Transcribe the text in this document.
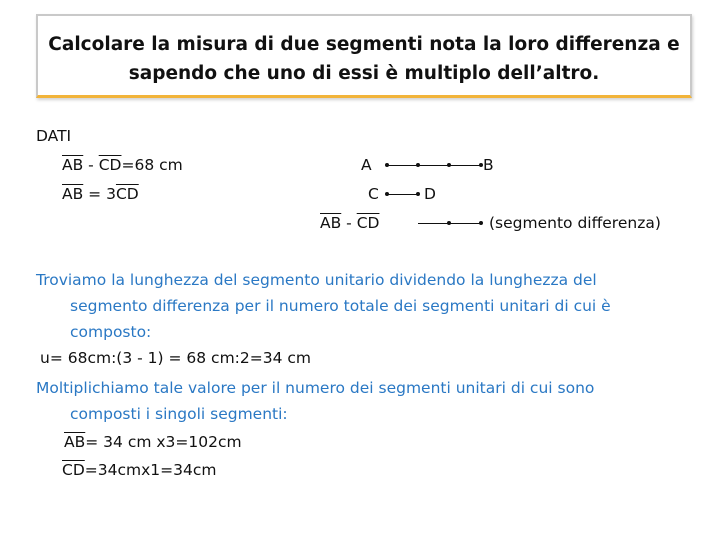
Calcolare la misura di due segmenti nota la loro differenza e
sapendo che uno di essi è multiplo dell’altro.
DATI
$\overline{AB} - \overline{CD}=68$ cm
$\overline{AB} = 3\overline{CD}$
A	B
C	D
$\overline{AB} - \overline{CD}$	(segmento differenza)
Troviamo la lunghezza del segmento unitario dividendo la lunghezza del
segmento differenza per il numero totale dei segmenti unitari di cui è
composto:
u= 68cm:(3 - 1) = 68 cm:2=34 cm
Moltiplichiamo tale valore per il numero dei segmenti unitari di cui sono
composti i singoli segmenti:
$\overline{AB}= 34$ cm x3=102cm
$\overline{CD}=34cmx1=34cm$
